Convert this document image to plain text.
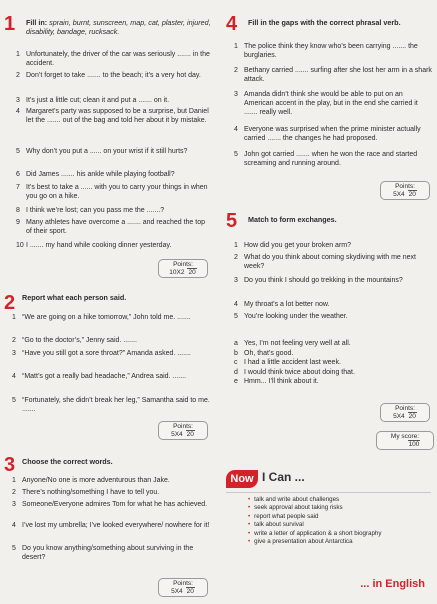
1 Fill in: sprain, burnt, sunscreen, map, cat, plaster, injured, disability, bandage, rucksack.
1 Unfortunately, the driver of the car was seriously ....... in the accident.
2 Don’t forget to take ....... to the beach; it’s a very hot day.
3 It’s just a little cut; clean it and put a ....... on it.
4 Margaret’s party was supposed to be a surprise, but Daniel let the ....... out of the bag and told her about it by mistake.
5 Why don’t you put a ...... on your wrist if it still hurts?
6 Did James ....... his ankle while playing football?
7 It’s best to take a ...... with you to carry your things in when you go on a hike.
8 I think we’re lost; can you pass me the .......?
9 Many athletes have overcome a ....... and reached the top of their sport.
10 I ....... my hand while cooking dinner yesterday.
Points:
10X2 20
2 Report what each person said.
1 “We are going on a hike tomorrow,” John told me. .......
2 “Go to the doctor’s,” Jenny said. .......
3 “Have you still got a sore throat?” Amanda asked. .......
4 “Matt’s got a really bad headache,” Andrea said. .......
5 “Fortunately, she didn’t break her leg,” Samantha said to me. .......
Points:
5X4 20
3 Choose the correct words.
1 Anyone/No one is more adventurous than Jake.
2 There’s nothing/something I have to tell you.
3 Someone/Everyone admires Tom for what he has achieved.
4 I’ve lost my umbrella; I’ve looked everywhere/ nowhere for it!
5 Do you know anything/something about surviving in the desert?
Points:
5X4 20
4 Fill in the gaps with the correct phrasal verb.
1 The police think they know who’s been carrying ....... the burglaries.
2 Bethany carried ....... surfing after she lost her arm in a shark attack.
3 Amanda didn’t think she would be able to put on an American accent in the play, but in the end she carried it ....... really well.
4 Everyone was surprised when the prime minister actually carried ....... the changes he had proposed.
5 John got carried ....... when he won the race and started screaming and running around.
Points:
5X4 20
5 Match to form exchanges.
1 How did you get your broken arm?
2 What do you think about coming skydiving with me next week?
3 Do you think I should go trekking in the mountains?
4 My throat’s a lot better now.
5 You’re looking under the weather.
a Yes, I’m not feeling very well at all.
b Oh, that’s good.
c I had a little accident last week.
d I would think twice about doing that.
e Hmm... I’ll think about it.
Points:
5X4 20
My score:
100
Now I Can ...
• talk and write about challenges
• seek approval about taking risks
• report what people said
• talk about survival
• write a letter of application & a short biography
• give a presentation about Antarctica
... in English
